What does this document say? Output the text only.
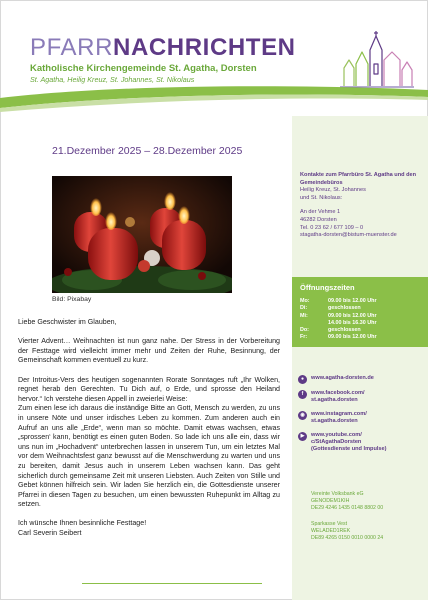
PFARRNACHRICHTEN
Katholische Kirchengemeinde St. Agatha, Dorsten
St. Agatha, Heilig Kreuz, St. Johannes, St. Nikolaus
Kontakte zum Pfarrbüro St. Agatha und den Gemeindebüros
Heilig Kreuz, St. Johannes
und St. Nikolaus:
An der Vehme 1
46282 Dorsten
Tel. 0 23 62 / 677 109 – 0
stagatha-dorsten@bistum-muenster.de
Öffnungszeiten
Mo:	09.00 bis 12.00 Uhr
Di:	geschlossen
Mi:	09.00 bis 12.00 Uhr
14.00 bis 16.30 Uhr
Do:	geschlossen
Fr:	09.00 bis 12.00 Uhr
●	www.agatha-dorsten.de
f	www.facebook.com/
st.agatha.dorsten
◉	www.instagram.com/
st.agatha.dorsten
▶	www.youtube.com/
c/StAgathaDorsten
(Gottesdienste und Impulse)
Vereinte Volksbank eG
GENODEM1KIH
DE29 4246 1435 0148 8802 00
Sparkasse Vest
WELADED1REK
DE89 4265 0150 0010 0000 24
21.Dezember 2025 – 28.Dezember 2025
Bild: Pixabay

Liebe Geschwister im Glauben,

Vierter Advent… Weihnachten ist nun ganz nahe. Der Stress in der Vorbereitung der Festtage wird vielleicht immer mehr und Zeiten der Ruhe, Besinnung, der Gemeinschaft kommen eventuell zu kurz.

Der Introitus-Vers des heutigen sogenannten Rorate Sonntages ruft „Ihr Wolken, regnet herab den Gerechten. Tu Dich auf, o Erde, und sprosse den Heiland hervor.“ Ich verstehe diesen Appell in zweierlei Weise:

Zum einen lese ich daraus die inständige Bitte an Gott, Mensch zu werden, zu uns in unsere Nöte und unser irdisches Leben zu kommen. Zum anderen auch ein Aufruf an uns alle „Erde“, wenn man so möchte. Damit etwas wachsen, etwas „sprossen‘ kann, benötigt es einen guten Boden. So lade ich uns alle ein, dass wir uns nun im „Hochadvent“ unterbrechen lassen in unserem Tun, um ein letztes Mal vor dem Weihnachtsfest ganz bewusst auf die Menschwerdung zu warten und uns zu bereiten, damit Jesus auch in unserem Leben wachsen kann. Das geht sicherlich durch gemeinsame Zeit mit unseren Liebsten. Auch Zeiten von Stille und Gebet können hilfreich sein. Wir laden Sie herzlich ein, die Gottesdienste unserer Pfarrei in diesen Tagen zu besuchen, um einen bewussten Ruhepunkt im Alltag zu setzen.

Ich wünsche Ihnen besinnliche Festtage!

Carl Severin Seibert
